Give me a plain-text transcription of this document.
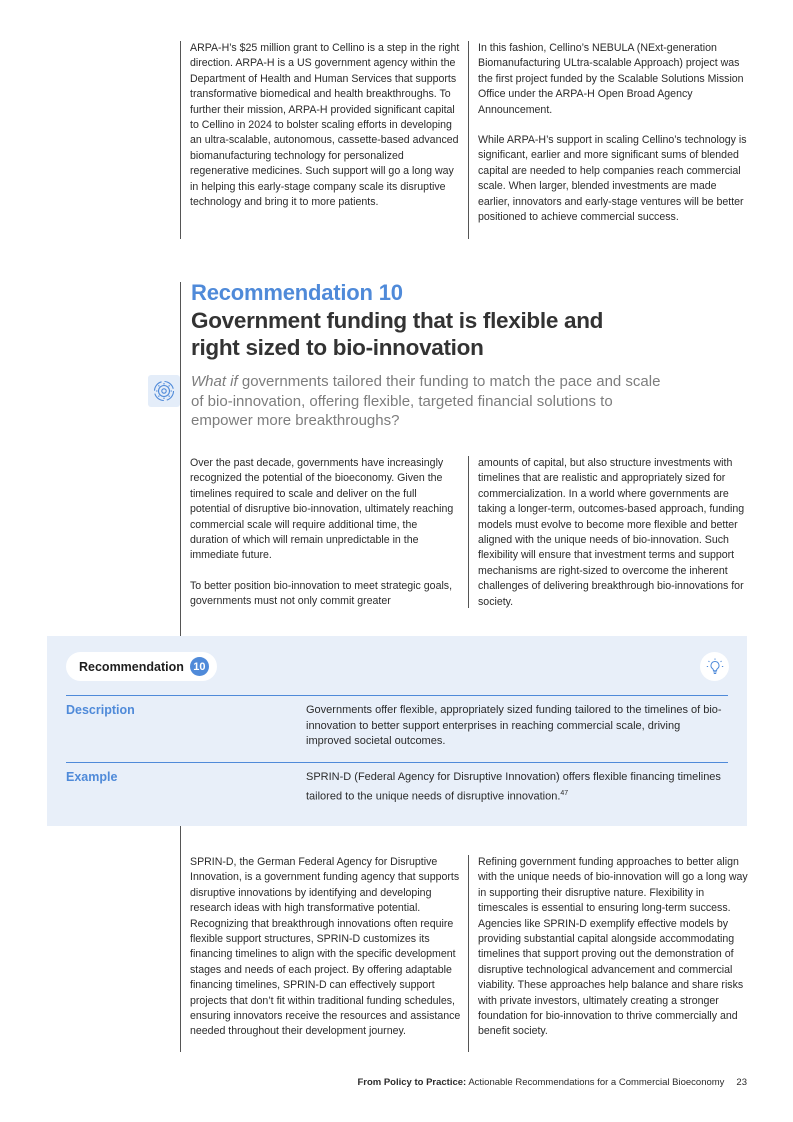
ARPA-H’s $25 million grant to Cellino is a step in the right direction. ARPA-H is a US government agency within the Department of Health and Human Services that supports transformative biomedical and health breakthroughs. To further their mission, ARPA-H provided significant capital to Cellino in 2024 to bolster scaling efforts in developing an ultra-scalable, autonomous, cassette-based advanced biomanufacturing technology for personalized regenerative medicines. Such support will go a long way in helping this early-stage company scale its disruptive technology and bring it to more patients.

In this fashion, Cellino’s NEBULA (NExt-generation Biomanufacturing ULtra-scalable Approach) project was the first project funded by the Scalable Solutions Mission Office under the ARPA-H Open Broad Agency Announcement.

While ARPA-H’s support in scaling Cellino’s technology is significant, earlier and more significant sums of blended capital are needed to help companies reach commercial scale. When larger, blended investments are made earlier, innovators and early-stage ventures will be better positioned to achieve commercial success.

Recommendation 10
Government funding that is flexible and right sized to bio-innovation
What if governments tailored their funding to match the pace and scale of bio-innovation, offering flexible, targeted financial solutions to empower more breakthroughs?

Over the past decade, governments have increasingly recognized the potential of the bioeconomy. Given the timelines required to scale and deliver on the full potential of disruptive bio-innovation, ultimately reaching commercial scale will require additional time, the duration of which will remain unpredictable in the immediate future.

To better position bio-innovation to meet strategic goals, governments must not only commit greater

amounts of capital, but also structure investments with timelines that are realistic and appropriately sized for commercialization. In a world where governments are taking a longer-term, outcomes-based approach, funding models must evolve to become more flexible and better aligned with the unique needs of bio-innovation. Such flexibility will ensure that investment terms and support mechanisms are right-sized to overcome the inherent challenges of delivering breakthrough bio-innovations for society.

Recommendation 10
Description	Governments offer flexible, appropriately sized funding tailored to the timelines of bio-innovation to better support enterprises in reaching commercial scale, driving improved societal outcomes.
Example	SPRIN-D (Federal Agency for Disruptive Innovation) offers flexible financing timelines tailored to the unique needs of disruptive innovation.$^{47}$

SPRIN-D, the German Federal Agency for Disruptive Innovation, is a government funding agency that supports disruptive innovations by identifying and developing research ideas with high transformative potential. Recognizing that breakthrough innovations often require flexible support structures, SPRIN-D customizes its financing timelines to align with the specific development stages and needs of each project. By offering adaptable financing timelines, SPRIN-D can effectively support projects that don’t fit within traditional funding schedules, ensuring innovators receive the resources and assistance needed throughout their development journey.

Refining government funding approaches to better align with the unique needs of bio-innovation will go a long way in supporting their disruptive nature. Flexibility in timescales is essential to ensuring long-term success. Agencies like SPRIN-D exemplify effective models by providing substantial capital alongside accommodating timelines that support proving out the demonstration of disruptive technological advancement and commercial viability. These approaches help balance and share risks with private investors, ultimately creating a stronger foundation for bio-innovation to thrive commercially and benefit society.

From Policy to Practice: Actionable Recommendations for a Commercial Bioeconomy 23
